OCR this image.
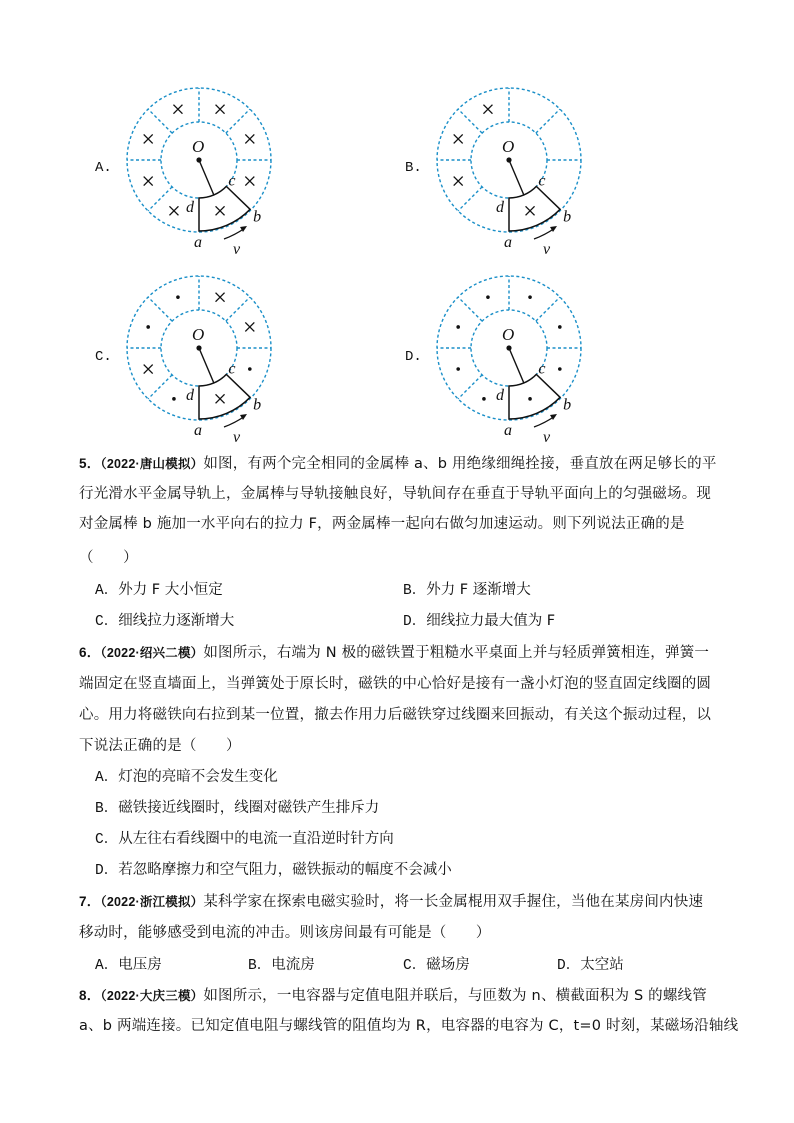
A.
O
a
b
c
d
v
B.
O
a
b
c
d
v
C.
O
a
b
c
d
v
D.
O
a
b
c
d
v
5．（2022·唐山模拟）如图，有两个完全相同的金属棒 a、b 用绝缘细绳拴接，垂直放在两足够长的平
行光滑水平金属导轨上，金属棒与导轨接触良好，导轨间存在垂直于导轨平面向上的匀强磁场。现
对金属棒 b 施加一水平向右的拉力 F，两金属棒一起向右做匀加速运动。则下列说法正确的是
（　　）
A．外力 F 大小恒定	B．外力 F 逐渐增大
C．细线拉力逐渐增大	D．细线拉力最大值为 F
6．（2022·绍兴二模）如图所示，右端为 N 极的磁铁置于粗糙水平桌面上并与轻质弹簧相连，弹簧一
端固定在竖直墙面上，当弹簧处于原长时，磁铁的中心恰好是接有一盏小灯泡的竖直固定线圈的圆
心。用力将磁铁向右拉到某一位置，撤去作用力后磁铁穿过线圈来回振动，有关这个振动过程，以
下说法正确的是（　　）
A．灯泡的亮暗不会发生变化
B．磁铁接近线圈时，线圈对磁铁产生排斥力
C．从左往右看线圈中的电流一直沿逆时针方向
D．若忽略摩擦力和空气阻力，磁铁振动的幅度不会减小
7．（2022·浙江模拟）某科学家在探索电磁实验时，将一长金属棍用双手握住，当他在某房间内快速
移动时，能够感受到电流的冲击。则该房间最有可能是（　　）
A．电压房	B．电流房	C．磁场房	D．太空站
8．（2022·大庆三模）如图所示，一电容器与定值电阻并联后，与匝数为 n、横截面积为 S 的螺线管
a、b 两端连接。已知定值电阻与螺线管的阻值均为 R，电容器的电容为 C，t=0 时刻，某磁场沿轴线
